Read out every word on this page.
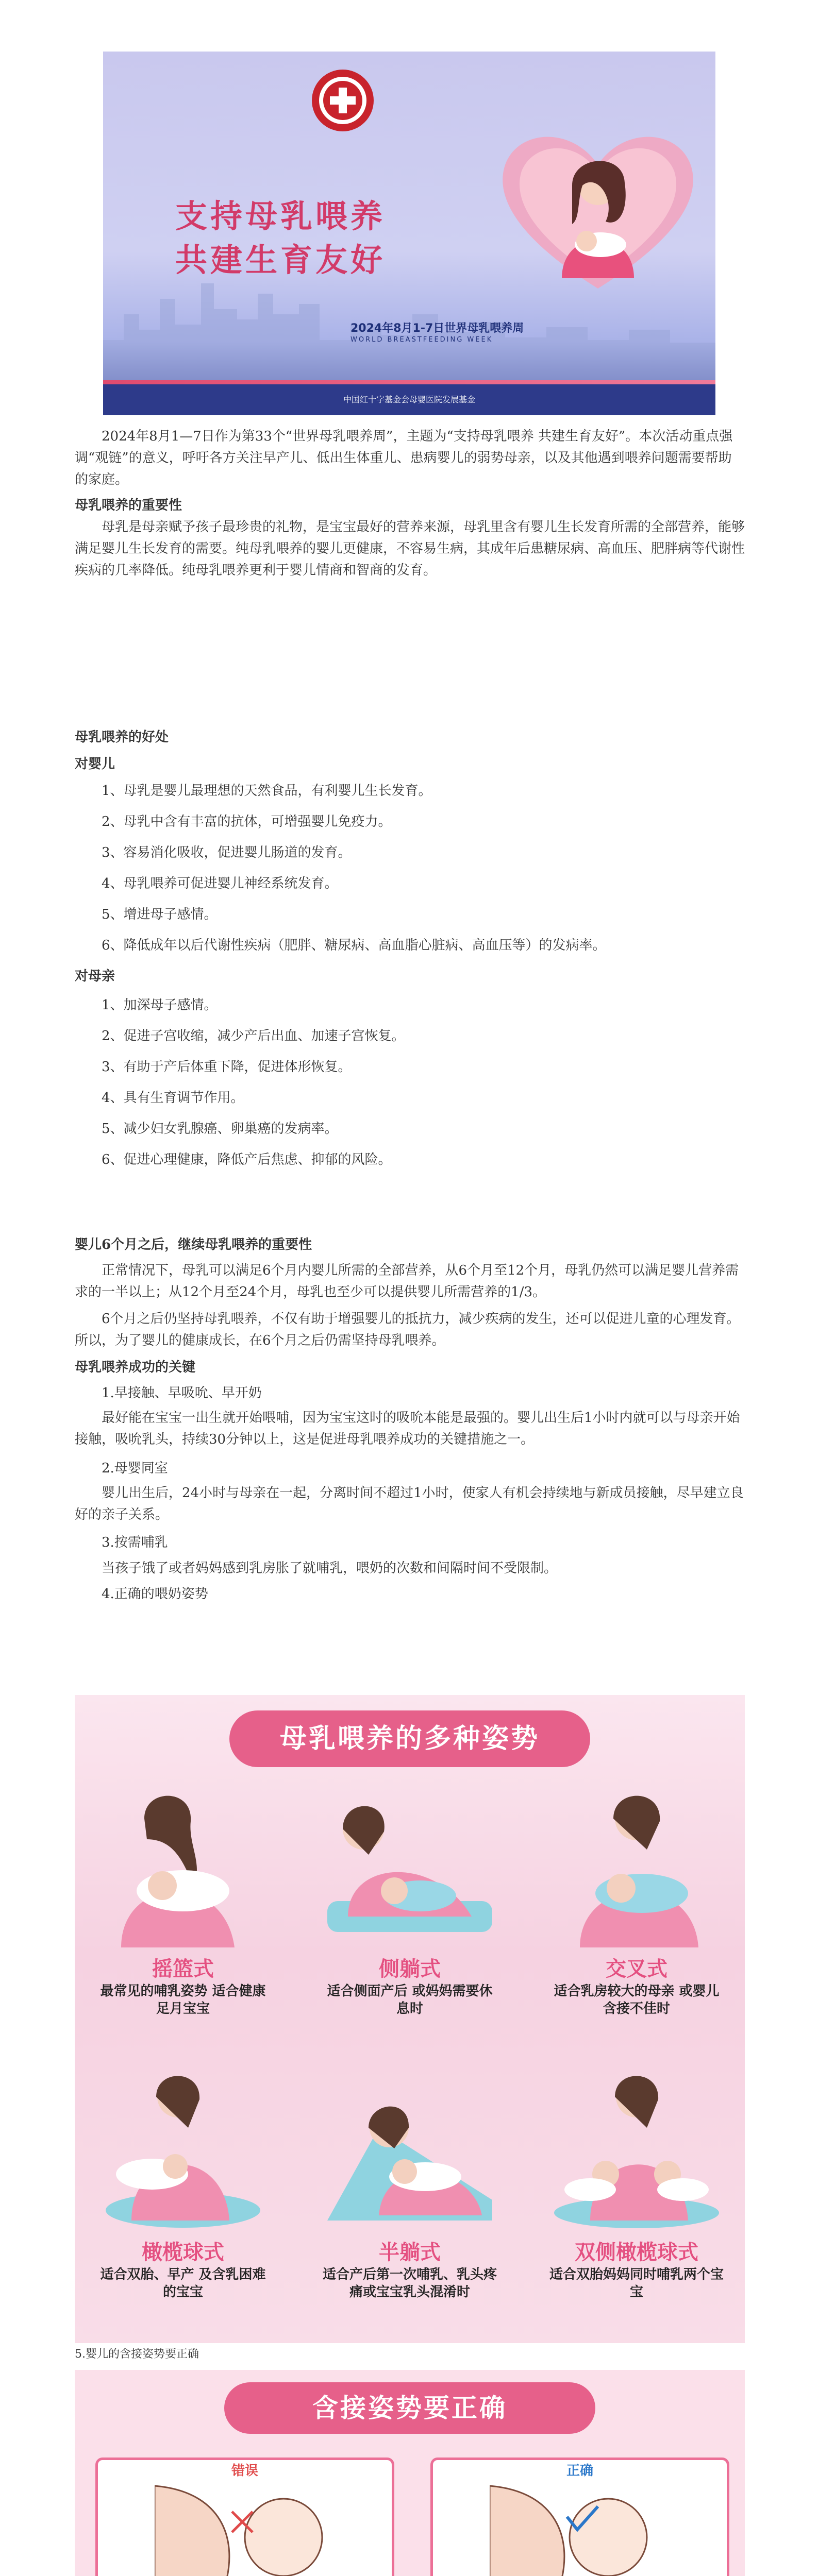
支持母乳喂养
共建生育友好
2024年8月1-7日世界母乳喂养周
WORLD BREASTFEEDING WEEK
中国红十字基金会母婴医院发展基金

2024年8月1—7日作为第33个“世界母乳喂养周”，主题为“支持母乳喂养 共建生育友好”。本次活动重点强调“观链”的意义，呼吁各方关注早产儿、低出生体重儿、患病婴儿的弱势母亲，以及其他遇到喂养问题需要帮助的家庭。

母乳喂养的重要性

母乳是母亲赋予孩子最珍贵的礼物，是宝宝最好的营养来源，母乳里含有婴儿生长发育所需的全部营养，能够满足婴儿生长发育的需要。纯母乳喂养的婴儿更健康，不容易生病，其成年后患糖尿病、高血压、肥胖病等代谢性疾病的几率降低。纯母乳喂养更利于婴儿情商和智商的发育。

母乳喂养的好处

对婴儿

1、母乳是婴儿最理想的天然食品，有利婴儿生长发育。

2、母乳中含有丰富的抗体，可增强婴儿免疫力。

3、容易消化吸收，促进婴儿肠道的发育。

4、母乳喂养可促进婴儿神经系统发育。

5、增进母子感情。

6、降低成年以后代谢性疾病（肥胖、糖尿病、高血脂心脏病、高血压等）的发病率。

对母亲

1、加深母子感情。

2、促进子宫收缩，减少产后出血、加速子宫恢复。

3、有助于产后体重下降，促进体形恢复。

4、具有生育调节作用。

5、减少妇女乳腺癌、卵巢癌的发病率。

6、促进心理健康，降低产后焦虑、抑郁的风险。

婴儿6个月之后，继续母乳喂养的重要性

正常情况下，母乳可以满足6个月内婴儿所需的全部营养，从6个月至12个月，母乳仍然可以满足婴儿营养需求的一半以上；从12个月至24个月，母乳也至少可以提供婴儿所需营养的1/3。

6个月之后仍坚持母乳喂养，不仅有助于增强婴儿的抵抗力，减少疾病的发生，还可以促进儿童的心理发育。所以，为了婴儿的健康成长，在6个月之后仍需坚持母乳喂养。

母乳喂养成功的关键

1.早接触、早吸吮、早开奶

最好能在宝宝一出生就开始喂哺，因为宝宝这时的吸吮本能是最强的。婴儿出生后1小时内就可以与母亲开始接触，吸吮乳头，持续30分钟以上，这是促进母乳喂养成功的关键措施之一。

2.母婴同室

婴儿出生后，24小时与母亲在一起，分离时间不超过1小时，使家人有机会持续地与新成员接触，尽早建立良好的亲子关系。

3.按需哺乳

当孩子饿了或者妈妈感到乳房胀了就哺乳，喂奶的次数和间隔时间不受限制。

4.正确的喂奶姿势

母乳喂养的多种姿势
摇篮式
最常见的哺乳姿势 适合健康足月宝宝
侧躺式
适合侧面产后 或妈妈需要休息时
交叉式
适合乳房较大的母亲 或婴儿含接不佳时
橄榄球式
适合双胎、早产 及含乳困难的宝宝
半躺式
适合产后第一次哺乳、乳头疼痛或宝宝乳头混淆时
双侧橄榄球式
适合双胎妈妈同时哺乳两个宝宝

5.婴儿的含接姿势要正确

含接姿势要正确
错误	正确
